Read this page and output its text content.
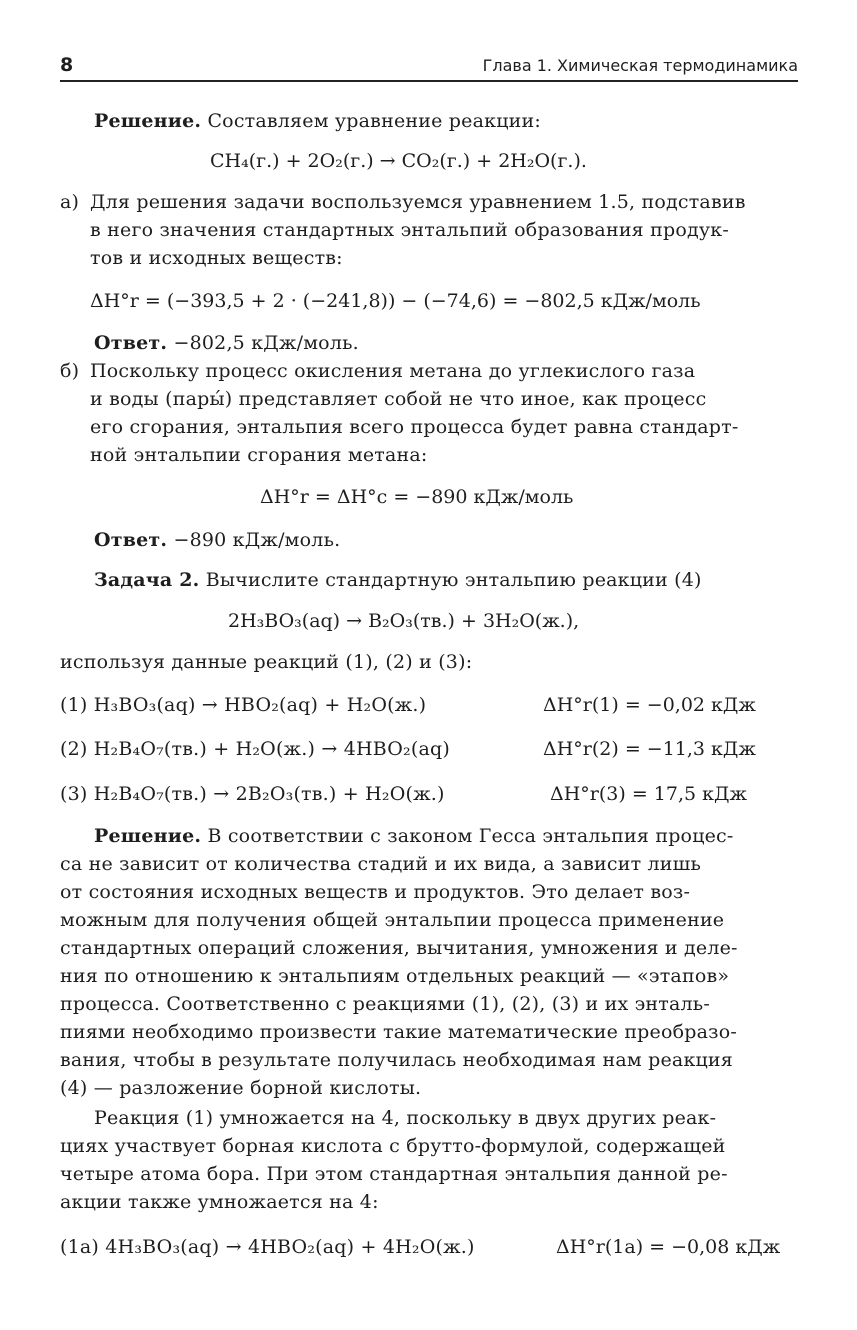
8	Глава 1. Химическая термодинамика
Решение. Составляем уравнение реакции:
CH₄(г.) + 2O₂(г.) → CO₂(г.) + 2H₂O(г.).
а) Для решения задачи воспользуемся уравнением 1.5, подставив
в него значения стандартных энтальпий образования продук-
тов и исходных веществ:
ΔH°r = (−393,5 + 2 · (−241,8)) − (−74,6) = −802,5 кДж/моль
Ответ. −802,5 кДж/моль.
б) Поскольку процесс окисления метана до углекислого газа
и воды (пары́) представляет собой не что иное, как процесс
его сгорания, энтальпия всего процесса будет равна стандарт-
ной энтальпии сгорания метана:
ΔH°r = ΔH°c = −890 кДж/моль
Ответ. −890 кДж/моль.
Задача 2. Вычислите стандартную энтальпию реакции (4)
2H₃BO₃(aq) → B₂O₃(тв.) + 3H₂O(ж.),
используя данные реакций (1), (2) и (3):
(1) H₃BO₃(aq) → HBO₂(aq) + H₂O(ж.)	ΔH°r(1) = −0,02 кДж
(2) H₂B₄O₇(тв.) + H₂O(ж.) → 4HBO₂(aq)	ΔH°r(2) = −11,3 кДж
(3) H₂B₄O₇(тв.) → 2B₂O₃(тв.) + H₂O(ж.)	ΔH°r(3) = 17,5 кДж
Решение. В соответствии с законом Гесса энтальпия процес-
са не зависит от количества стадий и их вида, а зависит лишь
от состояния исходных веществ и продуктов. Это делает воз-
можным для получения общей энтальпии процесса применение
стандартных операций сложения, вычитания, умножения и деле-
ния по отношению к энтальпиям отдельных реакций — «этапов»
процесса. Соответственно с реакциями (1), (2), (3) и их энталь-
пиями необходимо произвести такие математические преобразо-
вания, чтобы в результате получилась необходимая нам реакция
(4) — разложение борной кислоты.
Реакция (1) умножается на 4, поскольку в двух других реак-
циях участвует борная кислота с брутто-формулой, содержащей
четыре атома бора. При этом стандартная энтальпия данной ре-
акции также умножается на 4:
(1а) 4H₃BO₃(aq) → 4HBO₂(aq) + 4H₂O(ж.)	ΔH°r(1а) = −0,08 кДж
